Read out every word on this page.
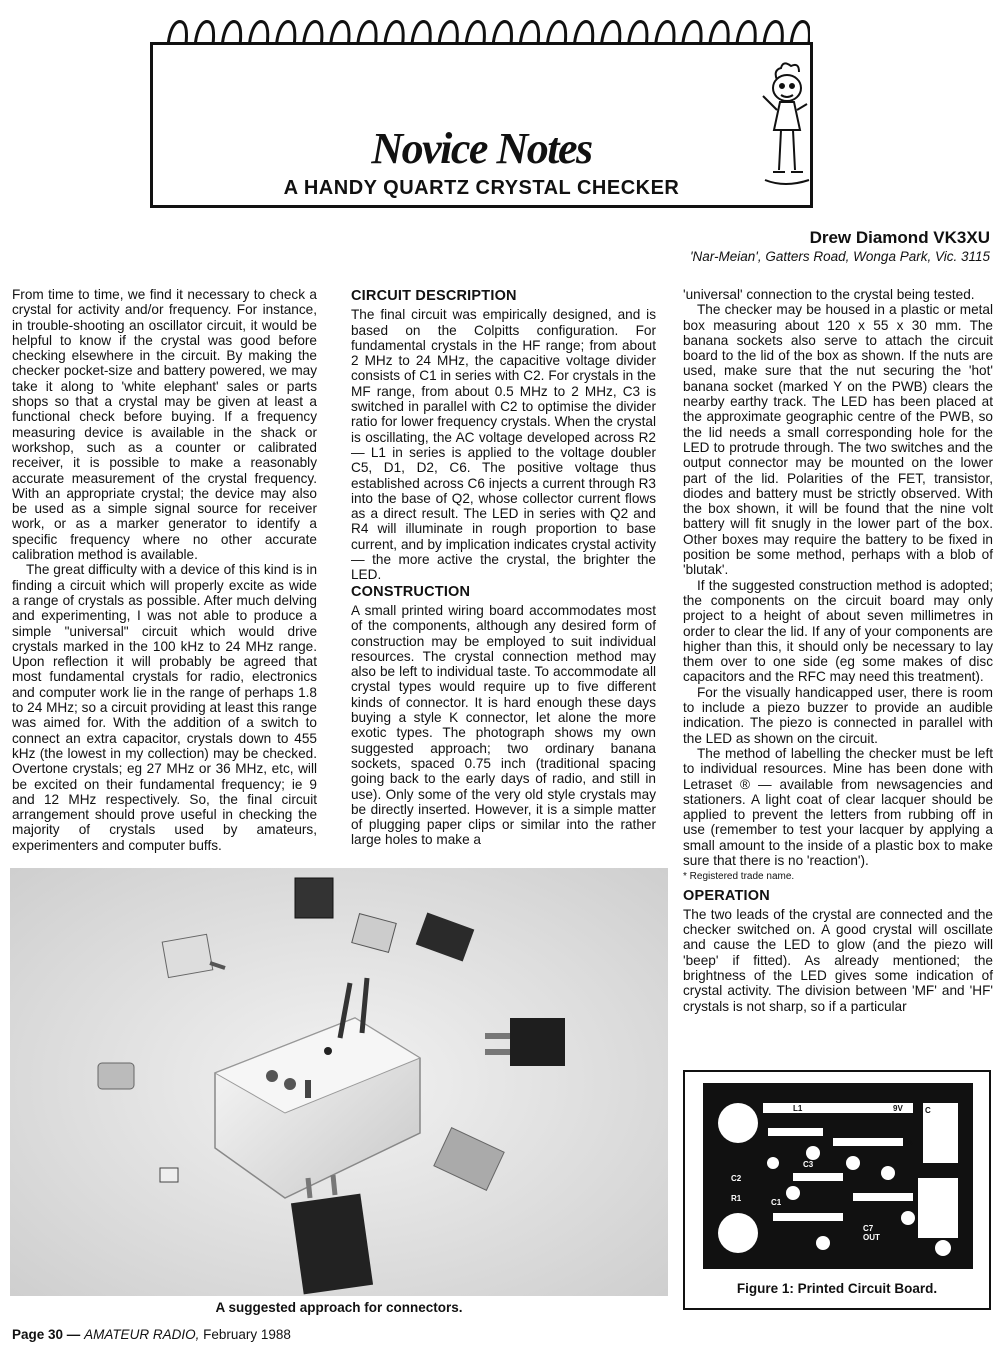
Novice Notes
A HANDY QUARTZ CRYSTAL CHECKER
Drew Diamond VK3XU
'Nar-Meian', Gatters Road, Wonga Park, Vic. 3115

From time to time, we find it necessary to check a crystal for activity and/or frequency. For instance, in trouble-shooting an oscillator circuit, it would be helpful to know if the crystal was good before checking elsewhere in the circuit. By making the checker pocket-size and battery powered, we may take it along to 'white elephant' sales or parts shops so that a crystal may be given at least a functional check before buying. If a frequency measuring device is available in the shack or workshop, such as a counter or calibrated receiver, it is possible to make a reasonably accurate measurement of the crystal frequency. With an appropriate crystal; the device may also be used as a simple signal source for receiver work, or as a marker generator to identify a specific frequency where no other accurate calibration method is available.

The great difficulty with a device of this kind is in finding a circuit which will properly excite as wide a range of crystals as possible. After much delving and experimenting, I was not able to produce a simple "universal" circuit which would drive crystals marked in the 100 kHz to 24 MHz range. Upon reflection it will probably be agreed that most fundamental crystals for radio, electronics and computer work lie in the range of perhaps 1.8 to 24 MHz; so a circuit providing at least this range was aimed for. With the addition of a switch to connect an extra capacitor, crystals down to 455 kHz (the lowest in my collection) may be checked. Overtone crystals; eg 27 MHz or 36 MHz, etc, will be excited on their fundamental frequency; ie 9 and 12 MHz respectively. So, the final circuit arrangement should prove useful in checking the majority of crystals used by amateurs, experimenters and computer buffs.

CIRCUIT DESCRIPTION

The final circuit was empirically designed, and is based on the Colpitts configuration. For fundamental crystals in the HF range; from about 2 MHz to 24 MHz, the capacitive voltage divider consists of C1 in series with C2. For crystals in the MF range, from about 0.5 MHz to 2 MHz, C3 is switched in parallel with C2 to optimise the divider ratio for lower frequency crystals. When the crystal is oscillating, the AC voltage developed across R2 — L1 in series is applied to the voltage doubler C5, D1, D2, C6. The positive voltage thus established across C6 injects a current through R3 into the base of Q2, whose collector current flows as a direct result. The LED in series with Q2 and R4 will illuminate in rough proportion to base current, and by implication indicates crystal activity — the more active the crystal, the brighter the LED.

CONSTRUCTION

A small printed wiring board accommodates most of the components, although any desired form of construction may be employed to suit individual resources. The crystal connection method may also be left to individual taste. To accommodate all crystal types would require up to five different kinds of connector. It is hard enough these days buying a style K connector, let alone the more exotic types. The photograph shows my own suggested approach; two ordinary banana sockets, spaced 0.75 inch (traditional spacing going back to the early days of radio, and still in use). Only some of the very old style crystals may be directly inserted. However, it is a simple matter of plugging paper clips or similar into the rather large holes to make a

'universal' connection to the crystal being tested.

The checker may be housed in a plastic or metal box measuring about 120 x 55 x 30 mm. The banana sockets also serve to attach the circuit board to the lid of the box as shown. If the nuts are used, make sure that the nut securing the 'hot' banana socket (marked Y on the PWB) clears the nearby earthy track. The LED has been placed at the approximate geographic centre of the PWB, so the lid needs a small corresponding hole for the LED to protrude through. The two switches and the output connector may be mounted on the lower part of the lid. Polarities of the FET, transistor, diodes and battery must be strictly observed. With the box shown, it will be found that the nine volt battery will fit snugly in the lower part of the box. Other boxes may require the battery to be fixed in position be some method, perhaps with a blob of 'blutak'.

If the suggested construction method is adopted; the components on the circuit board may only project to a height of about seven millimetres in order to clear the lid. If any of your components are higher than this, it should only be necessary to lay them over to one side (eg some makes of disc capacitors and the RFC may need this treatment).

For the visually handicapped user, there is room to include a piezo buzzer to provide an audible indication. The piezo is connected in parallel with the LED as shown on the circuit.

The method of labelling the checker must be left to individual resources. Mine has been done with Letraset ® — available from newsagencies and stationers. A light coat of clear lacquer should be applied to prevent the letters from rubbing off in use (remember to test your lacquer by applying a small amount to the inside of a plastic box to make sure that there is no 'reaction').

* Registered trade name.

OPERATION

The two leads of the crystal are connected and the checker switched on. A good crystal will oscillate and cause the LED to glow (and the piezo will 'beep' if fitted). As already mentioned; the brightness of the LED gives some indication of crystal activity. The division between 'MF' and 'HF' crystals is not sharp, so if a particular

A suggested approach for connectors.
L1	C
9V
R4
C2
R1	C1
C3
C5
C6
C7
OUT
Figure 1: Printed Circuit Board.
Page 30 — AMATEUR RADIO, February 1988
